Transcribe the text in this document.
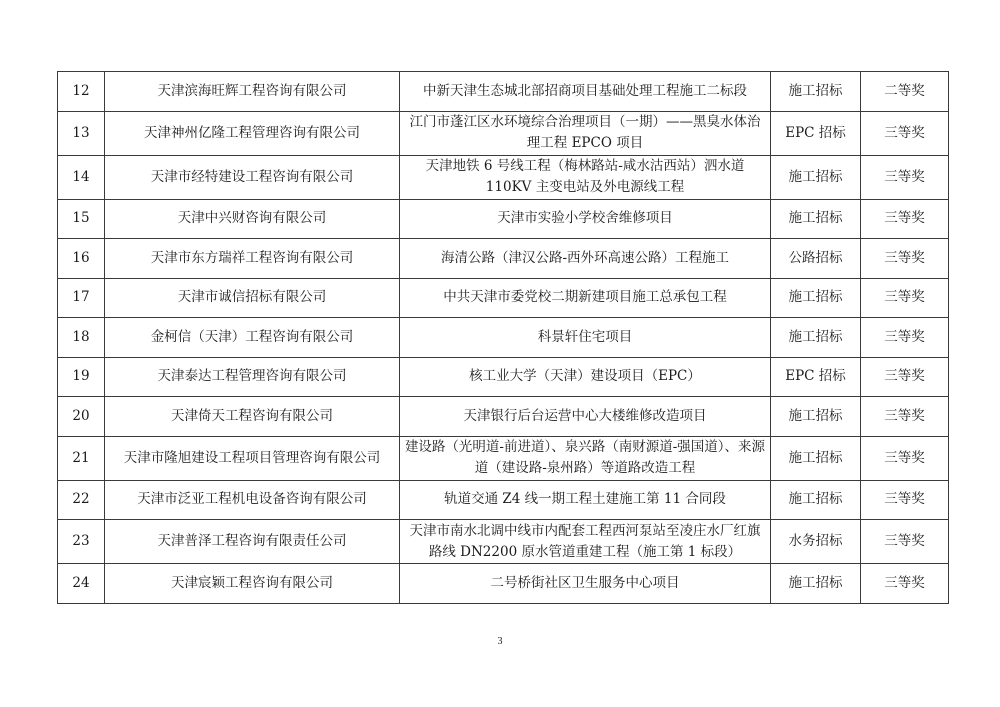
12	天津滨海旺辉工程咨询有限公司	中新天津生态城北部招商项目基础处理工程施工二标段	施工招标	二等奖
13	天津神州亿隆工程管理咨询有限公司	江门市蓬江区水环境综合治理项目（一期）——黑臭水体治理工程 EPCO 项目	EPC 招标	三等奖
14	天津市经特建设工程咨询有限公司	天津地铁 6 号线工程（梅林路站-咸水沽西站）泗水道 110KV 主变电站及外电源线工程	施工招标	三等奖
15	天津中兴财咨询有限公司	天津市实验小学校舍维修项目	施工招标	三等奖
16	天津市东方瑞祥工程咨询有限公司	海清公路（津汉公路-西外环高速公路）工程施工	公路招标	三等奖
17	天津市诚信招标有限公司	中共天津市委党校二期新建项目施工总承包工程	施工招标	三等奖
18	金柯信（天津）工程咨询有限公司	科景轩住宅项目	施工招标	三等奖
19	天津泰达工程管理咨询有限公司	核工业大学（天津）建设项目（EPC）	EPC 招标	三等奖
20	天津倚天工程咨询有限公司	天津银行后台运营中心大楼维修改造项目	施工招标	三等奖
21	天津市隆旭建设工程项目管理咨询有限公司	建设路（光明道-前进道）、泉兴路（南财源道-强国道）、来源道（建设路-泉州路）等道路改造工程	施工招标	三等奖
22	天津市泛亚工程机电设备咨询有限公司	轨道交通 Z4 线一期工程土建施工第 11 合同段	施工招标	三等奖
23	天津普泽工程咨询有限责任公司	天津市南水北调中线市内配套工程西河泵站至凌庄水厂红旗路线 DN2200 原水管道重建工程（施工第 1 标段）	水务招标	三等奖
24	天津宸颖工程咨询有限公司	二号桥街社区卫生服务中心项目	施工招标	三等奖
3
